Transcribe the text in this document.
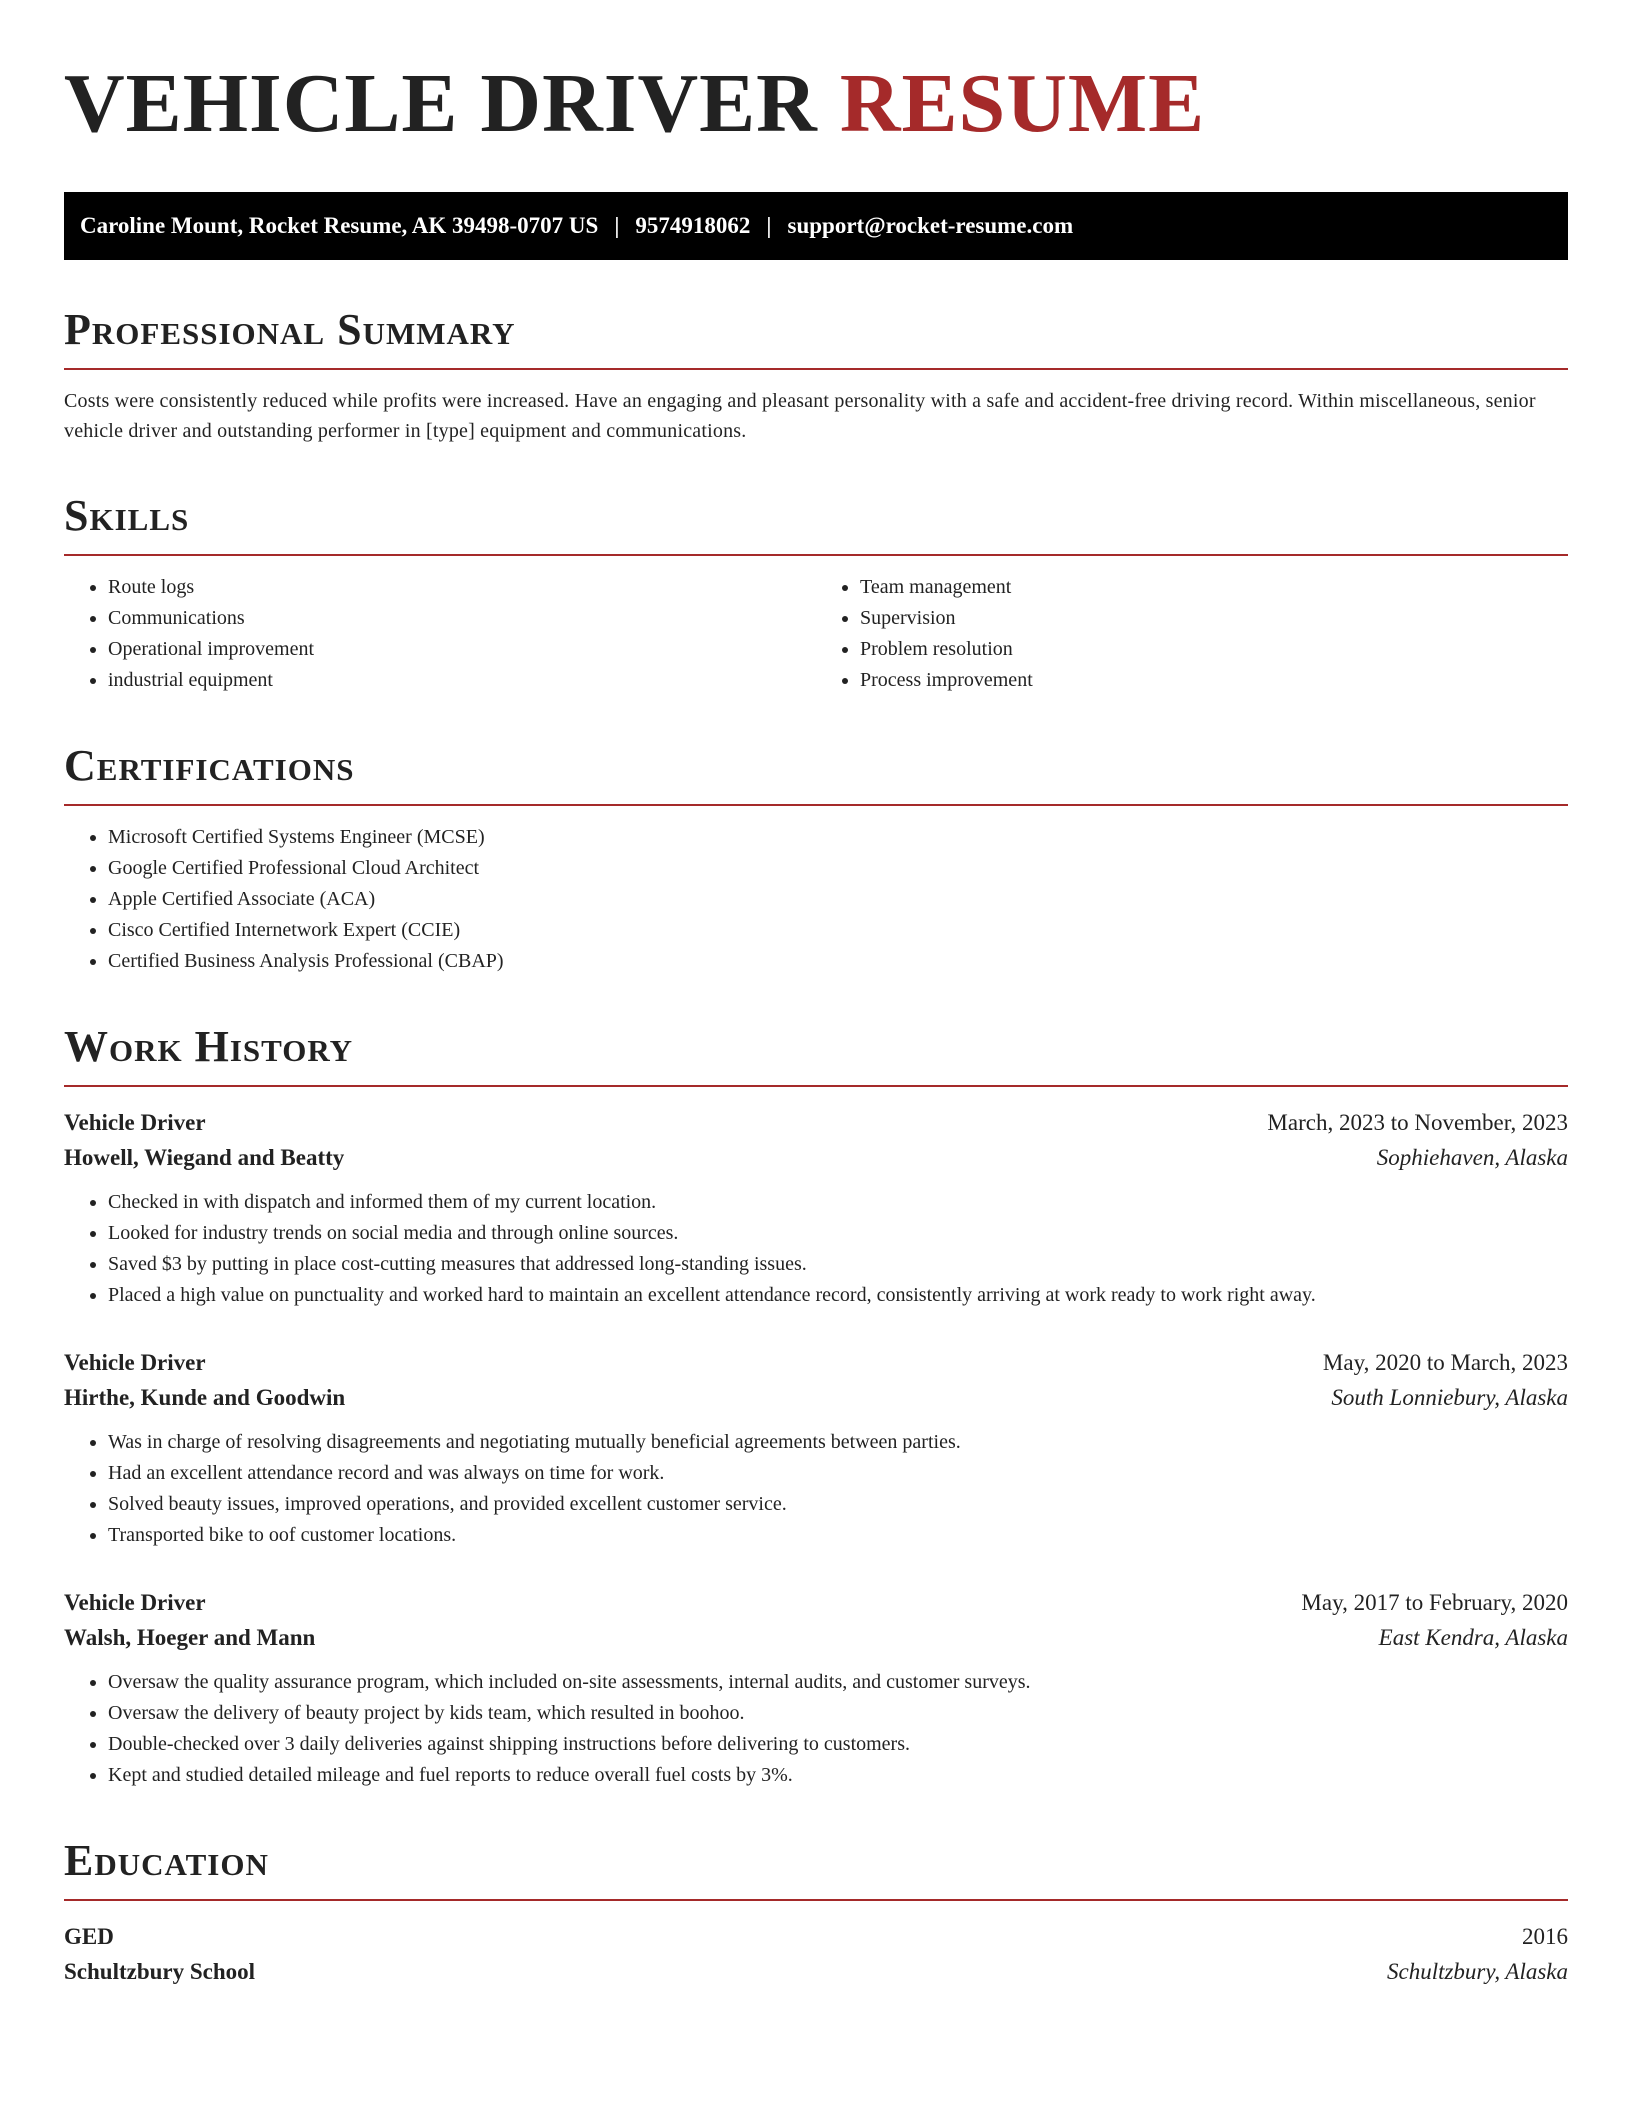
VEHICLE DRIVER RESUME
Caroline Mount, Rocket Resume, AK 39498-0707 US | 9574918062 | support@rocket-resume.com
Professional Summary

Costs were consistently reduced while profits were increased. Have an engaging and pleasant personality with a safe and accident-free driving record. Within miscellaneous, senior vehicle driver and outstanding performer in [type] equipment and communications.

Skills
• Route logs
• Communications
• Operational improvement
• industrial equipment
• Team management
• Supervision
• Problem resolution
• Process improvement
Certifications
• Microsoft Certified Systems Engineer (MCSE)
• Google Certified Professional Cloud Architect
• Apple Certified Associate (ACA)
• Cisco Certified Internetwork Expert (CCIE)
• Certified Business Analysis Professional (CBAP)
Work History
Vehicle Driver	March, 2023 to November, 2023
Howell, Wiegand and Beatty	Sophiehaven, Alaska
• Checked in with dispatch and informed them of my current location.
• Looked for industry trends on social media and through online sources.
• Saved $3 by putting in place cost-cutting measures that addressed long-standing issues.
• Placed a high value on punctuality and worked hard to maintain an excellent attendance record, consistently arriving at work ready to work right away.
Vehicle Driver	May, 2020 to March, 2023
Hirthe, Kunde and Goodwin	South Lonniebury, Alaska
• Was in charge of resolving disagreements and negotiating mutually beneficial agreements between parties.
• Had an excellent attendance record and was always on time for work.
• Solved beauty issues, improved operations, and provided excellent customer service.
• Transported bike to oof customer locations.
Vehicle Driver	May, 2017 to February, 2020
Walsh, Hoeger and Mann	East Kendra, Alaska
• Oversaw the quality assurance program, which included on-site assessments, internal audits, and customer surveys.
• Oversaw the delivery of beauty project by kids team, which resulted in boohoo.
• Double-checked over 3 daily deliveries against shipping instructions before delivering to customers.
• Kept and studied detailed mileage and fuel reports to reduce overall fuel costs by 3%.
Education
GED	2016
Schultzbury School	Schultzbury, Alaska
